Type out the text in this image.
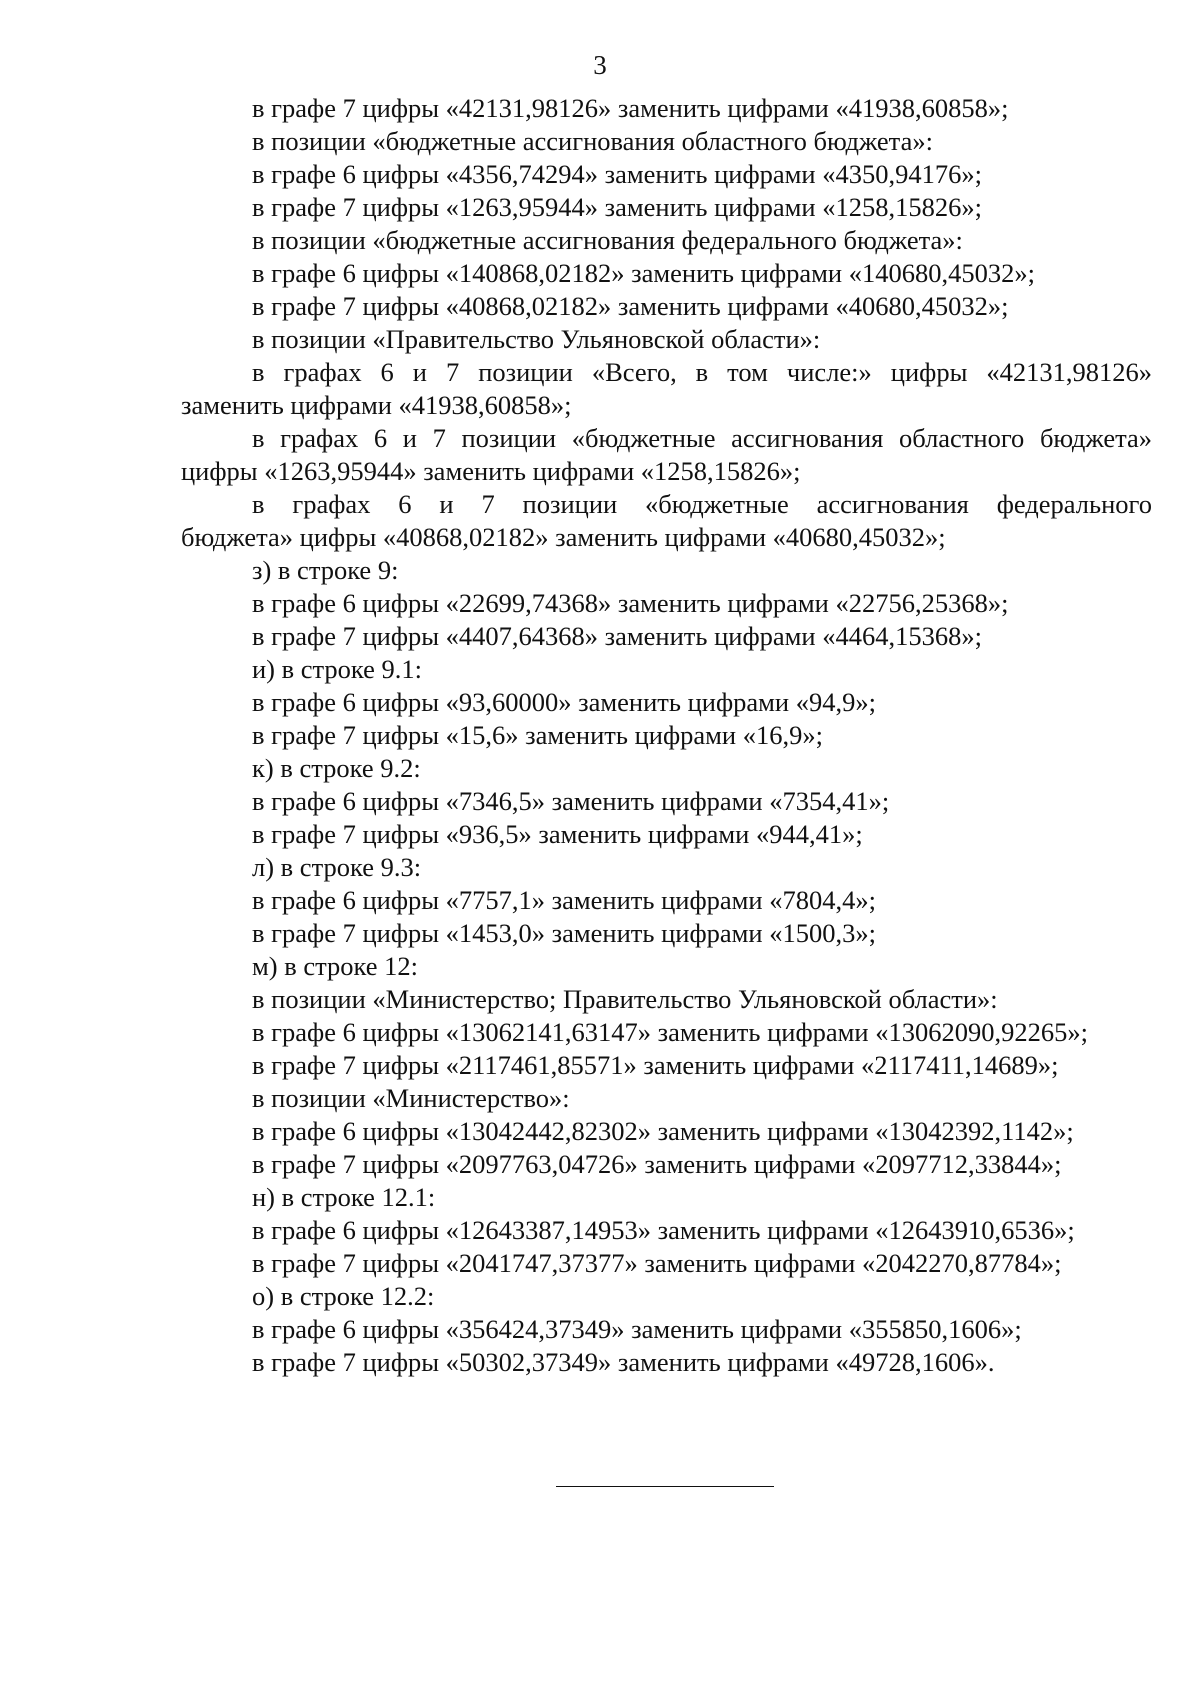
3
в графе 7 цифры «42131,98126» заменить цифрами «41938,60858»;
в позиции «бюджетные ассигнования областного бюджета»:
в графе 6 цифры «4356,74294» заменить цифрами «4350,94176»;
в графе 7 цифры «1263,95944» заменить цифрами «1258,15826»;
в позиции «бюджетные ассигнования федерального бюджета»:
в графе 6 цифры «140868,02182» заменить цифрами «140680,45032»;
в графе 7 цифры «40868,02182» заменить цифрами «40680,45032»;
в позиции «Правительство Ульяновской области»:
в графах 6 и 7 позиции «Всего, в том числе:» цифры «42131,98126»
заменить цифрами «41938,60858»;
в графах 6 и 7 позиции «бюджетные ассигнования областного бюджета»
цифры «1263,95944» заменить цифрами «1258,15826»;
в графах 6 и 7 позиции «бюджетные ассигнования федерального
бюджета» цифры «40868,02182» заменить цифрами «40680,45032»;
з) в строке 9:
в графе 6 цифры «22699,74368» заменить цифрами «22756,25368»;
в графе 7 цифры «4407,64368» заменить цифрами «4464,15368»;
и) в строке 9.1:
в графе 6 цифры «93,60000» заменить цифрами «94,9»;
в графе 7 цифры «15,6» заменить цифрами «16,9»;
к) в строке 9.2:
в графе 6 цифры «7346,5» заменить цифрами «7354,41»;
в графе 7 цифры «936,5» заменить цифрами «944,41»;
л) в строке 9.3:
в графе 6 цифры «7757,1» заменить цифрами «7804,4»;
в графе 7 цифры «1453,0» заменить цифрами «1500,3»;
м) в строке 12:
в позиции «Министерство; Правительство Ульяновской области»:
в графе 6 цифры «13062141,63147» заменить цифрами «13062090,92265»;
в графе 7 цифры «2117461,85571» заменить цифрами «2117411,14689»;
в позиции «Министерство»:
в графе 6 цифры «13042442,82302» заменить цифрами «13042392,1142»;
в графе 7 цифры «2097763,04726» заменить цифрами «2097712,33844»;
н) в строке 12.1:
в графе 6 цифры «12643387,14953» заменить цифрами «12643910,6536»;
в графе 7 цифры «2041747,37377» заменить цифрами «2042270,87784»;
о) в строке 12.2:
в графе 6 цифры «356424,37349» заменить цифрами «355850,1606»;
в графе 7 цифры «50302,37349» заменить цифрами «49728,1606».
